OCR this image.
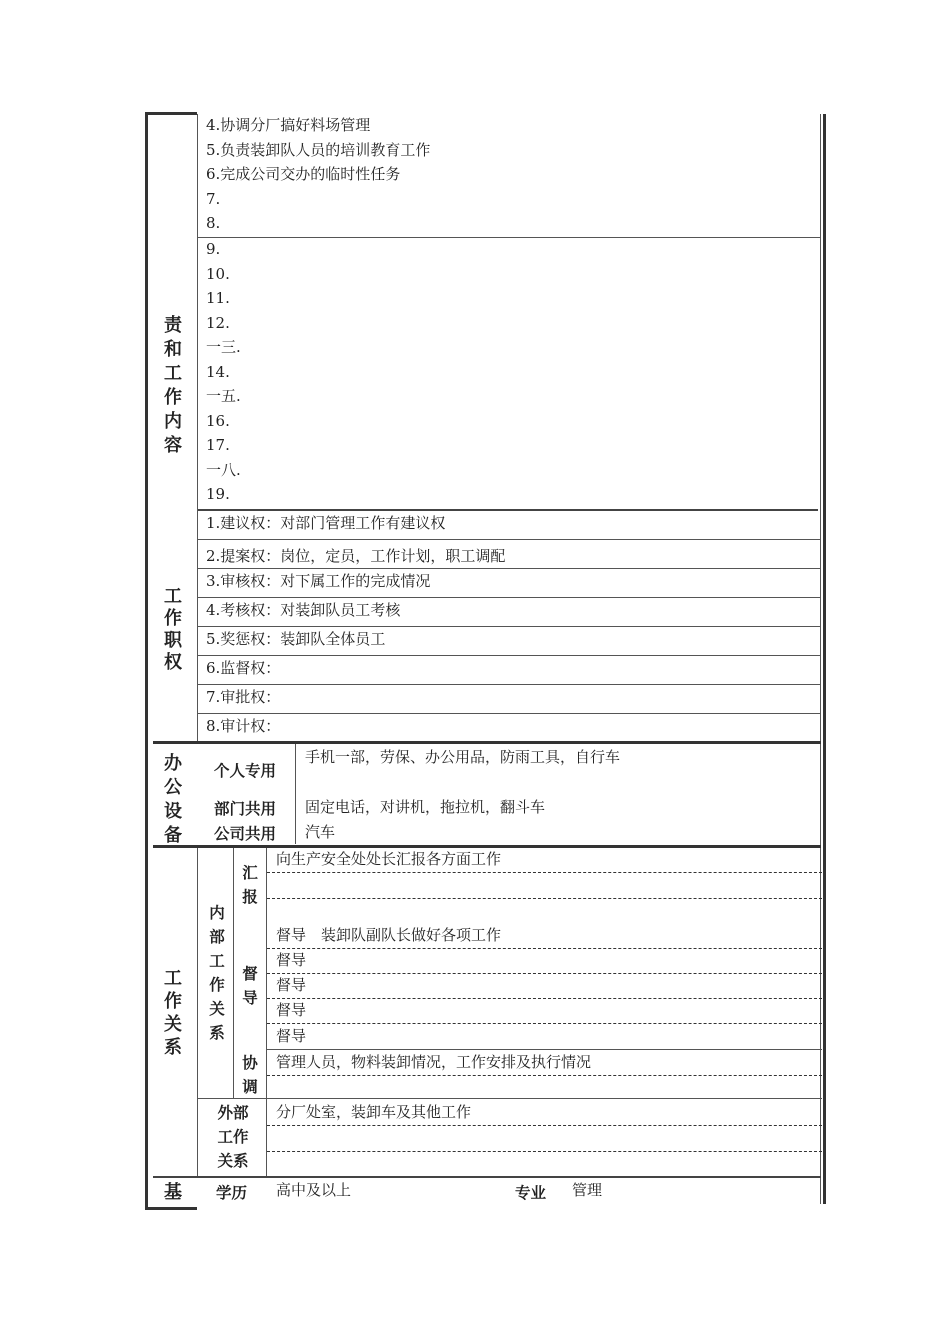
责
和
工
作
内
容
4.协调分厂搞好料场管理
5.负责装卸队人员的培训教育工作
6.完成公司交办的临时性任务
7.
8.
9.
10.
11.
12.
一三.
14.
一五.
16.
17.
一八.
19.
工
作
职
权
1.建议权：对部门管理工作有建议权
2.提案权：岗位，定员，工作计划，职工调配
3.审核权：对下属工作的完成情况
4.考核权：对装卸队员工考核
5.奖惩权：装卸队全体员工
6.监督权：
7.审批权：
8.审计权：
办
公
设
备
个人专用
手机一部，劳保、办公用品，防雨工具，自行车
部门共用 固定电话，对讲机，拖拉机，翻斗车
公司共用 汽车
工
作
关
系
内
部
工
作
关
系
汇
报
督
导
协
调
向生产安全处处长汇报各方面工作
督导　装卸队副队长做好各项工作
督导
督导
督导
督导
管理人员，物料装卸情况，工作安排及执行情况
外部
工作
关系
分厂处室，装卸车及其他工作
基	学历 高中及以上	专业 管理
